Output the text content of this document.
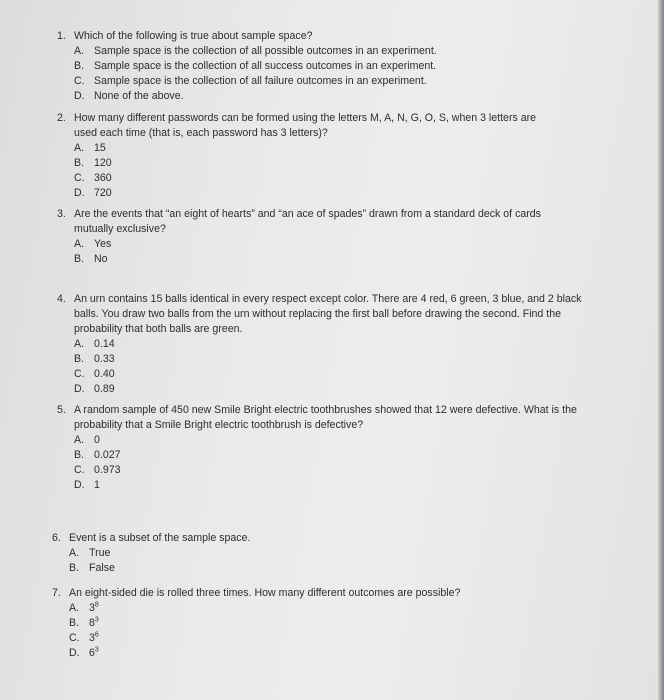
1. Which of the following is true about sample space?
A. Sample space is the collection of all possible outcomes in an experiment.
B. Sample space is the collection of all success outcomes in an experiment.
C. Sample space is the collection of all failure outcomes in an experiment.
D. None of the above.
2. How many different passwords can be formed using the letters M, A, N, G, O, S, when 3 letters are used each time (that is, each password has 3 letters)?
A. 15
B. 120
C. 360
D. 720
3. Are the events that “an eight of hearts” and “an ace of spades” drawn from a standard deck of cards mutually exclusive?
A. Yes
B. No
4. An urn contains 15 balls identical in every respect except color. There are 4 red, 6 green, 3 blue, and 2 black balls. You draw two balls from the urn without replacing the first ball before drawing the second. Find the probability that both balls are green.
A. 0.14
B. 0.33
C. 0.40
D. 0.89
5. A random sample of 450 new Smile Bright electric toothbrushes showed that 12 were defective. What is the probability that a Smile Bright electric toothbrush is defective?
A. 0
B. 0.027
C. 0.973
D. 1
6. Event is a subset of the sample space.
A. True
B. False
7. An eight-sided die is rolled three times. How many different outcomes are possible?
A. $3^8$
B. $8^3$
C. $3^6$
D. $6^3$
